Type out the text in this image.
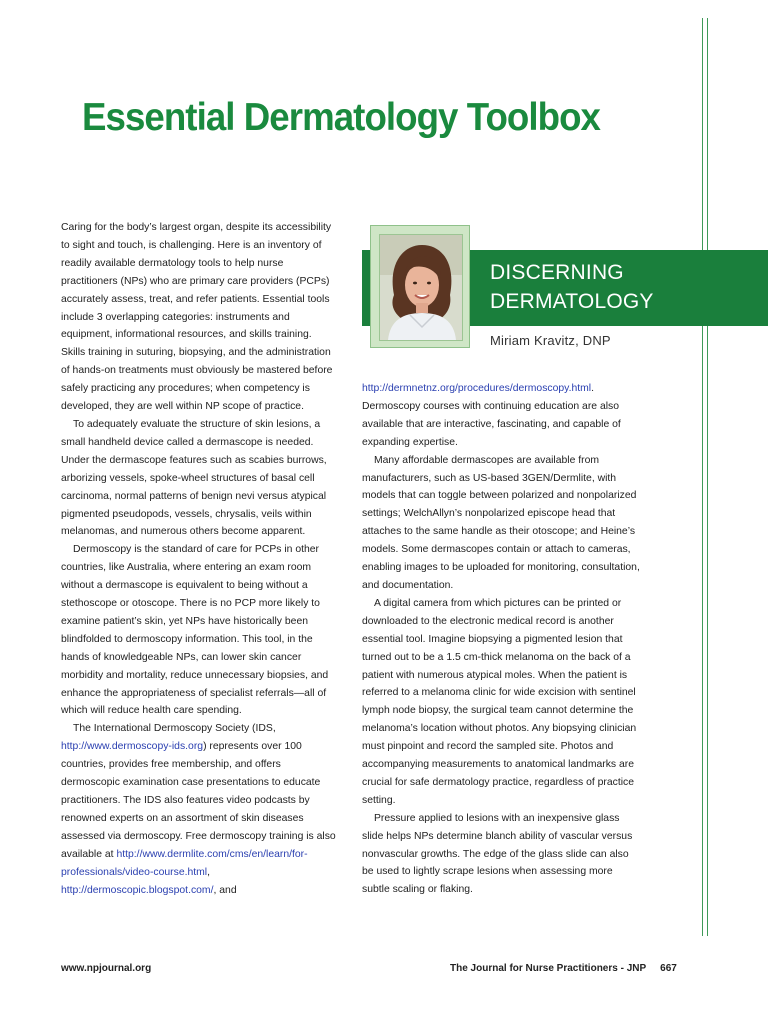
Essential Dermatology Toolbox
DISCERNING
DERMATOLOGY
Miriam Kravitz, DNP

Caring for the body’s largest organ, despite its accessibility to sight and touch, is challenging. Here is an inventory of readily available dermatology tools to help nurse practitioners (NPs) who are primary care providers (PCPs) accurately assess, treat, and refer patients. Essential tools include 3 overlapping categories: instruments and equipment, informational resources, and skills training. Skills training in suturing, biopsying, and the administration of hands-on treatments must obviously be mastered before safely practicing any procedures; when competency is developed, they are well within NP scope of practice.

To adequately evaluate the structure of skin lesions, a small handheld device called a dermascope is needed. Under the dermascope features such as scabies burrows, arborizing vessels, spoke-wheel structures of basal cell carcinoma, normal patterns of benign nevi versus atypical pigmented pseudopods, vessels, chrysalis, veils within melanomas, and numerous others become apparent.

Dermoscopy is the standard of care for PCPs in other countries, like Australia, where entering an exam room without a dermascope is equivalent to being without a stethoscope or otoscope. There is no PCP more likely to examine patient’s skin, yet NPs have historically been blindfolded to dermoscopy information. This tool, in the hands of knowledgeable NPs, can lower skin cancer morbidity and mortality, reduce unnecessary biopsies, and enhance the appropriateness of specialist referrals—all of which will reduce health care spending.

The International Dermoscopy Society (IDS, http://www.dermoscopy-ids.org) represents over 100 countries, provides free membership, and offers dermoscopic examination case presentations to educate practitioners. The IDS also features video podcasts by renowned experts on an assortment of skin diseases assessed via dermoscopy. Free dermoscopy training is also available at http://www.dermlite.com/cms/en/learn/for-professionals/video-course.html, http://dermoscopic.blogspot.com/, and

http://dermnetnz.org/procedures/dermoscopy.html. Dermoscopy courses with continuing education are also available that are interactive, fascinating, and capable of expanding expertise.

Many affordable dermascopes are available from manufacturers, such as US-based 3GEN/Dermlite, with models that can toggle between polarized and nonpolarized settings; WelchAllyn’s nonpolarized episcope head that attaches to the same handle as their otoscope; and Heine’s models. Some dermascopes contain or attach to cameras, enabling images to be uploaded for monitoring, consultation, and documentation.

A digital camera from which pictures can be printed or downloaded to the electronic medical record is another essential tool. Imagine biopsying a pigmented lesion that turned out to be a 1.5 cm-thick melanoma on the back of a patient with numerous atypical moles. When the patient is referred to a melanoma clinic for wide excision with sentinel lymph node biopsy, the surgical team cannot determine the melanoma’s location without photos. Any biopsying clinician must pinpoint and record the sampled site. Photos and accompanying measurements to anatomical landmarks are crucial for safe dermatology practice, regardless of practice setting.

Pressure applied to lesions with an inexpensive glass slide helps NPs determine blanch ability of vascular versus nonvascular growths. The edge of the glass slide can also be used to lightly scrape lesions when assessing more subtle scaling or flaking.

www.npjournal.org	The Journal for Nurse Practitioners - JNP 667
